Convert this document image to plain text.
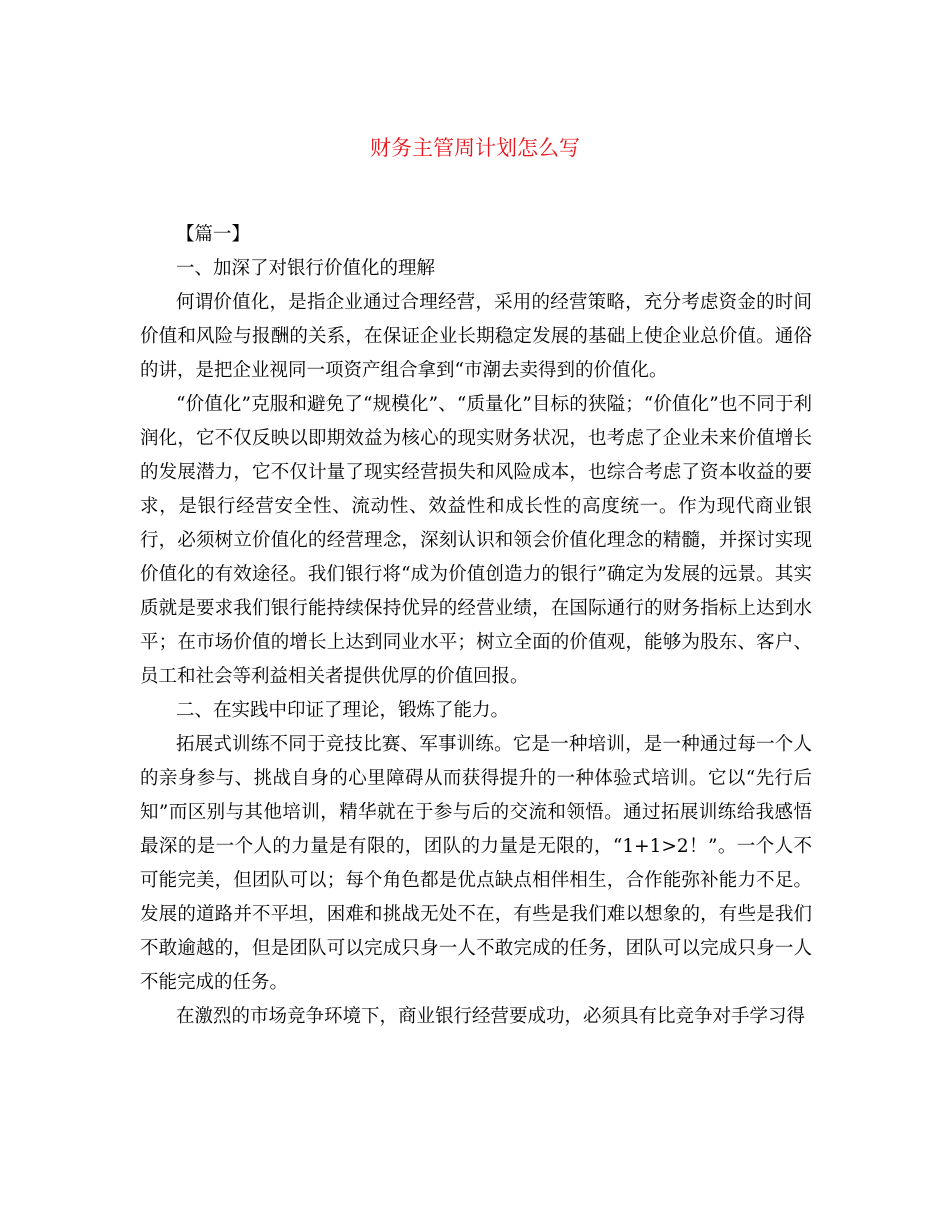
财务主管周计划怎么写

【篇一】

一、加深了对银行价值化的理解

何谓价值化，是指企业通过合理经营，采用的经营策略，充分考虑资金的时间价值和风险与报酬的关系，在保证企业长期稳定发展的基础上使企业总价值。通俗的讲，是把企业视同一项资产组合拿到“市潮去卖得到的价值化。

“价值化”克服和避免了“规模化”、“质量化”目标的狭隘；“价值化”也不同于利润化，它不仅反映以即期效益为核心的现实财务状况，也考虑了企业未来价值增长的发展潜力，它不仅计量了现实经营损失和风险成本，也综合考虑了资本收益的要求，是银行经营安全性、流动性、效益性和成长性的高度统一。作为现代商业银行，必须树立价值化的经营理念，深刻认识和领会价值化理念的精髓，并探讨实现价值化的有效途径。我们银行将“成为价值创造力的银行”确定为发展的远景。其实质就是要求我们银行能持续保持优异的经营业绩，在国际通行的财务指标上达到水平；在市场价值的增长上达到同业水平；树立全面的价值观，能够为股东、客户、员工和社会等利益相关者提供优厚的价值回报。

二、在实践中印证了理论，锻炼了能力。

拓展式训练不同于竞技比赛、军事训练。它是一种培训，是一种通过每一个人的亲身参与、挑战自身的心里障碍从而获得提升的一种体验式培训。它以“先行后知”而区别与其他培训，精华就在于参与后的交流和领悟。通过拓展训练给我感悟最深的是一个人的力量是有限的，团队的力量是无限的，“1+1>2！”。一个人不可能完美，但团队可以；每个角色都是优点缺点相伴相生，合作能弥补能力不足。发展的道路并不平坦，困难和挑战无处不在，有些是我们难以想象的，有些是我们不敢逾越的，但是团队可以完成只身一人不敢完成的任务，团队可以完成只身一人不能完成的任务。

在激烈的市场竞争环境下，商业银行经营要成功，必须具有比竞争对手学习得
